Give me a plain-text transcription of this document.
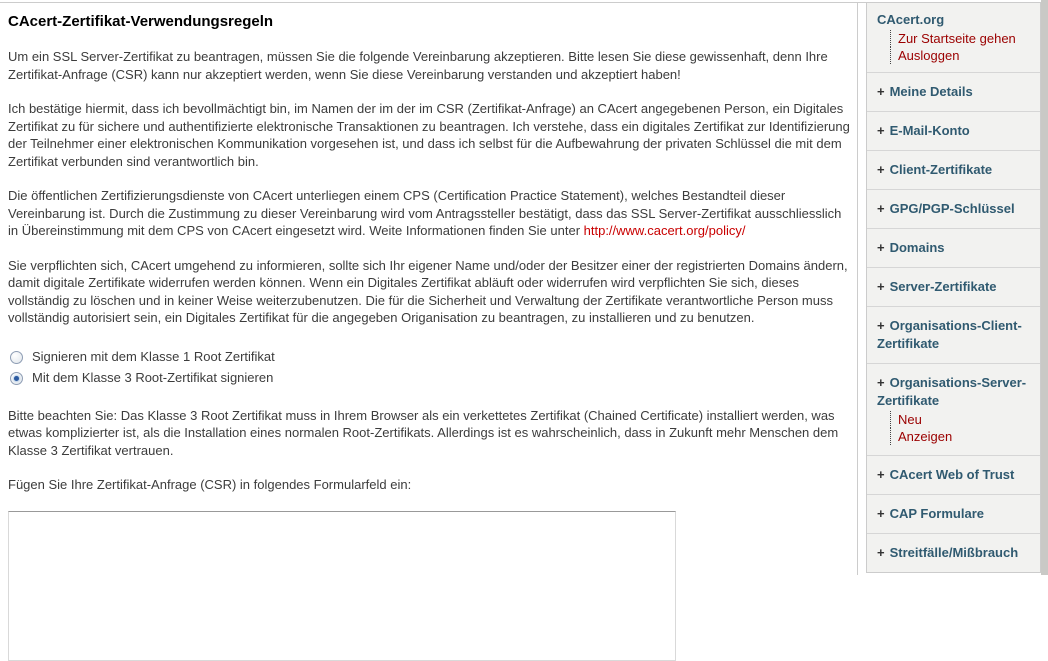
CAcert-Zertifikat-Verwendungsregeln

Um ein SSL Server-Zertifikat zu beantragen, müssen Sie die folgende Vereinbarung akzeptieren. Bitte lesen Sie diese gewissenhaft, denn Ihre Zertifikat-Anfrage (CSR) kann nur akzeptiert werden, wenn Sie diese Vereinbarung verstanden und akzeptiert haben!

Ich bestätige hiermit, dass ich bevollmächtigt bin, im Namen der im der im CSR (Zertifikat-Anfrage) an CAcert angegebenen Person, ein Digitales Zertifikat zu für sichere und authentifizierte elektronische Transaktionen zu beantragen. Ich verstehe, dass ein digitales Zertifikat zur Identifizierung der Teilnehmer einer elektronischen Kommunikation vorgesehen ist, und dass ich selbst für die Aufbewahrung der privaten Schlüssel die mit dem Zertifikat verbunden sind verantwortlich bin.

Die öffentlichen Zertifizierungsdienste von CAcert unterliegen einem CPS (Certification Practice Statement), welches Bestandteil dieser Vereinbarung ist. Durch die Zustimmung zu dieser Vereinbarung wird vom Antragssteller bestätigt, dass das SSL Server-Zertifikat ausschliesslich in Übereinstimmung mit dem CPS von CAcert eingesetzt wird. Weite Informationen finden Sie unter http://www.cacert.org/policy/

Sie verpflichten sich, CAcert umgehend zu informieren, sollte sich Ihr eigener Name und/oder der Besitzer einer der registrierten Domains ändern, damit digitale Zertifikate widerrufen werden können. Wenn ein Digitales Zertifikat abläuft oder widerrufen wird verpflichten Sie sich, dieses vollständig zu löschen und in keiner Weise weiterzubenutzen. Die für die Sicherheit und Verwaltung der Zertifikate verantwortliche Person muss vollständig autorisiert sein, ein Digitales Zertifikat für die angegeben Origanisation zu beantragen, zu installieren und zu benutzen.

Signieren mit dem Klasse 1 Root Zertifikat
Mit dem Klasse 3 Root-Zertifikat signieren

Bitte beachten Sie: Das Klasse 3 Root Zertifikat muss in Ihrem Browser als ein verkettetes Zertifikat (Chained Certificate) installiert werden, was etwas komplizierter ist, als die Installation eines normalen Root-Zertifikats. Allerdings ist es wahrscheinlich, dass in Zukunft mehr Menschen dem Klasse 3 Zertifikat vertrauen.

Fügen Sie Ihre Zertifikat-Anfrage (CSR) in folgendes Formularfeld ein:

CAcert.org
Zur Startseite gehen
Ausloggen
+ Meine Details
+ E-Mail-Konto
+ Client-Zertifikate
+ GPG/PGP-Schlüssel
+ Domains
+ Server-Zertifikate
+ Organisations-Client-Zertifikate
+ Organisations-Server-Zertifikate
Neu
Anzeigen
+ CAcert Web of Trust
+ CAP Formulare
+ Streitfälle/Mißbrauch
